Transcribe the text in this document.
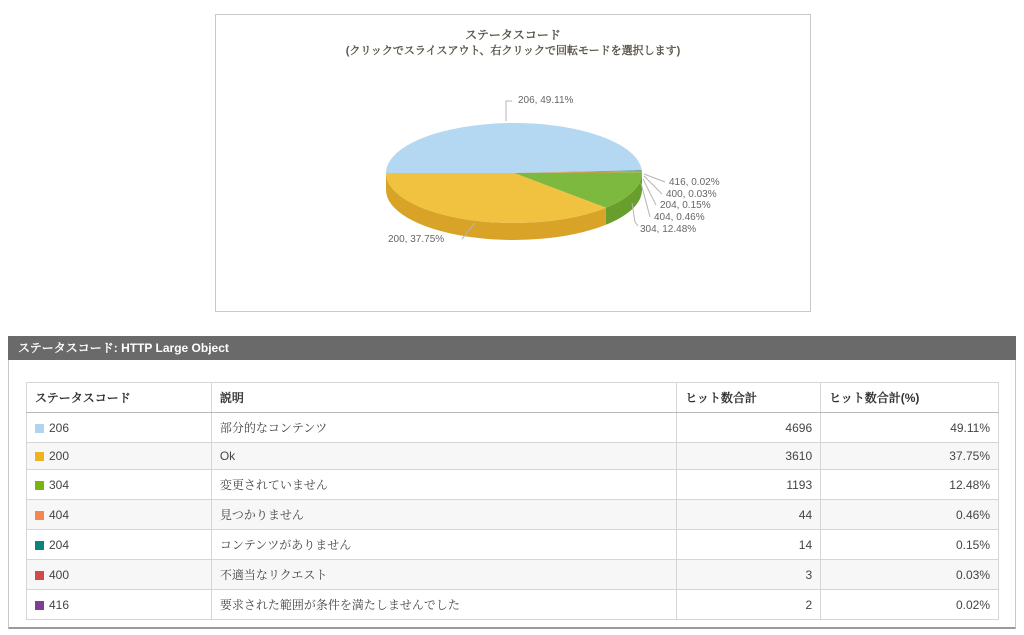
ステータスコード
(クリックでスライスアウト、右クリックで回転モードを選択します)
206, 49.11%
416, 0.02%
400, 0.03%
204, 0.15%
404, 0.46%
304, 12.48%
200, 37.75%
ステータスコード: HTTP Large Object
ステータスコード	説明	ヒット数合計	ヒット数合計(%)
206	部分的なコンテンツ	4696	49.11%
200	Ok	3610	37.75%
304	変更されていません	1193	12.48%
404	見つかりません	44	0.46%
204	コンテンツがありません	14	0.15%
400	不適当なリクエスト	3	0.03%
416	要求された範囲が条件を満たしませんでした	2	0.02%
